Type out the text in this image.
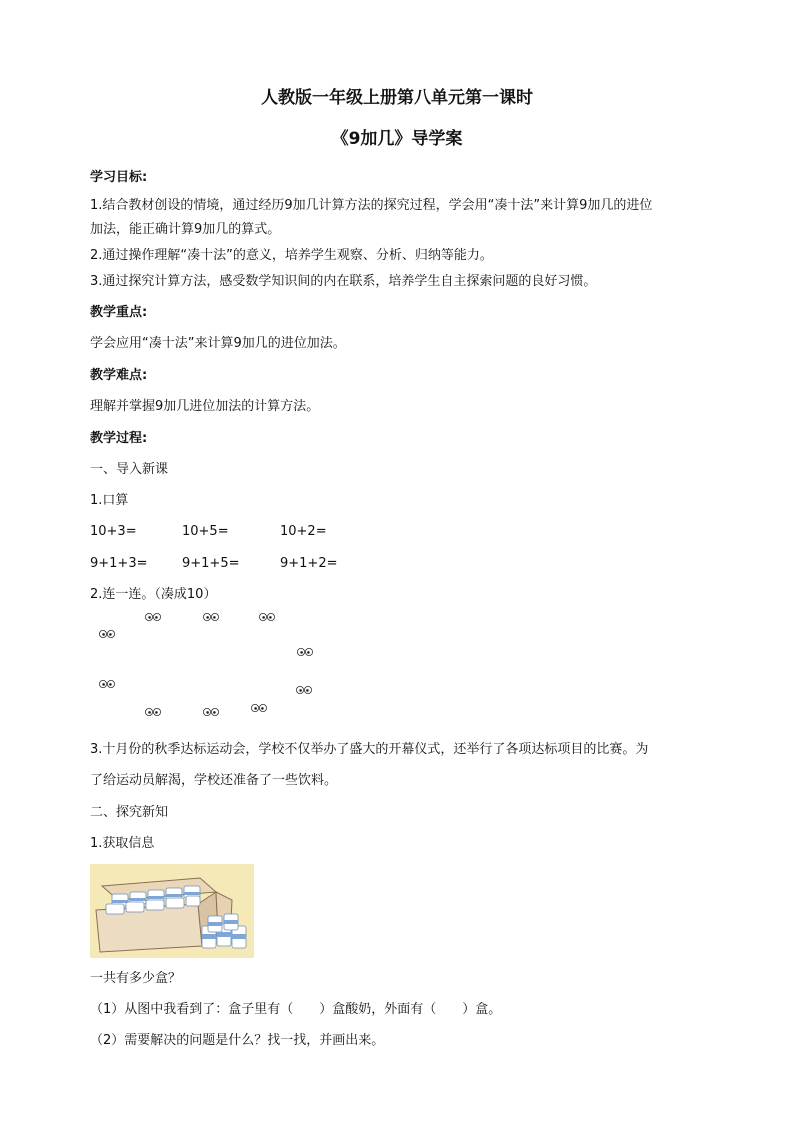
人教版一年级上册第八单元第一课时
《9加几》导学案
学习目标:
1.结合教材创设的情境，通过经历9加几计算方法的探究过程，学会用“凑十法”来计算9加几的进位
加法，能正确计算9加几的算式。
2.通过操作理解“凑十法”的意义，培养学生观察、分析、归纳等能力。
3.通过探究计算方法，感受数学知识间的内在联系，培养学生自主探索问题的良好习惯。
教学重点:
学会应用“凑十法”来计算9加几的进位加法。
教学难点:
理解并掌握9加几进位加法的计算方法。
教学过程:
一、导入新课
1.口算
10+3=	10+5=	10+2=
9+1+3=	9+1+5=	9+1+2=
2.连一连。（凑成10）
3.十月份的秋季达标运动会，学校不仅举办了盛大的开幕仪式，还举行了各项达标项目的比赛。为
了给运动员解渴，学校还准备了一些饮料。
二、探究新知
1.获取信息
一共有多少盒？
（1）从图中我看到了：盒子里有（　　）盒酸奶，外面有（　　）盒。
（2）需要解决的问题是什么？找一找，并画出来。
